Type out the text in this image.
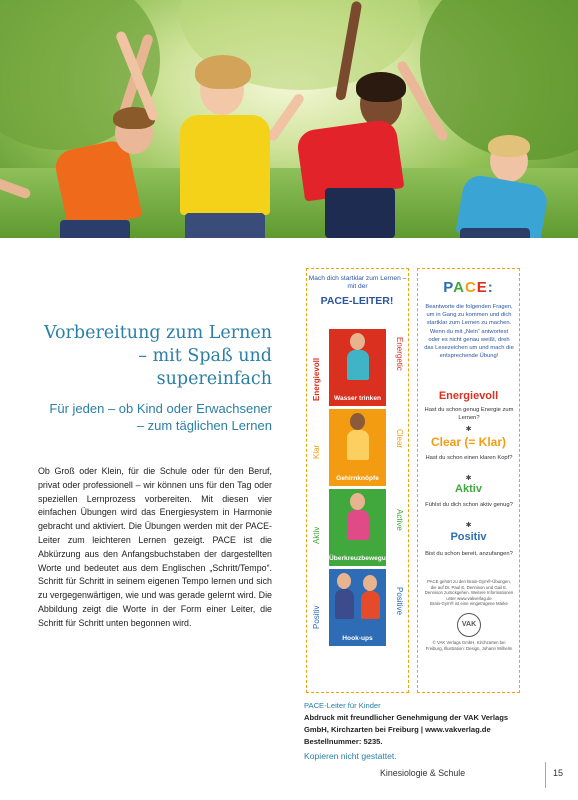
Vorbereitung zum Lernen – mit Spaß und supereinfach

Für jeden – ob Kind oder Erwachsener – zum täglichen Lernen

Ob Groß oder Klein, für die Schule oder für den Beruf, privat oder professionell – wir können uns für den Tag oder speziellen Lernprozess vorbereiten. Mit diesen vier einfachen Übungen wird das Energiesystem in Harmonie gebracht und aktiviert. Die Übungen werden mit der PACE-Leiter zum leichteren Lernen gezeigt. PACE ist die Abkürzung aus den Anfangsbuchstaben der dargestellten Worte und bedeutet aus dem Englischen „Schritt/Tempo“. Schritt für Schritt in seinem eigenen Tempo lernen und sich zu vergegenwärtigen, wie und was gerade gelernt wird. Die Abbildung zeigt die Worte in der Form einer Leiter, die Schritt für Schritt unten begonnen wird.

Mach dich startklar zum Lernen – mit der
PACE-LEITER!
Wasser trinken
Gehirnknöpfe
Überkreuzbewegung
Hook-ups
Energievoll
Energetic
Klar
Clear
Aktiv
Active
Positiv
Positive
PACE:
Beantworte die folgenden Fragen, um in Gang zu kommen und dich startklar zum Lernen zu machen. Wenn du mit „Nein“ antwortest oder es nicht genau weißt, dreh das Lesezeichen um und mach die entsprechende Übung!
Energievoll
Hast du schon genug Energie zum Lernen?
✱
Clear (= Klar)
Hast du schon einen klaren Kopf?
✱
Aktiv
Fühlst du dich schon aktiv genug?
✱
Positiv
Bist du schon bereit, anzufangen?
PACE gehört zu den Brain-Gym®-Übungen, die auf Dr. Paul E. Dennison und Gail E. Dennison zurückgehen. Weitere Informationen unter www.vakverlag.de
Brain-Gym® ist eine eingetragene Marke
VAK
© VAK Verlags GmbH, Kirchzarten bei Freiburg, Illustration: Design, Johann Wilhelm
PACE-Leiter für Kinder
Abdruck mit freundlicher Genehmigung der VAK Verlags GmbH, Kirchzarten bei Freiburg | www.vakverlag.de
Bestellnummer: 5235.
Kopieren nicht gestattet.
Kinesiologie & Schule	15
